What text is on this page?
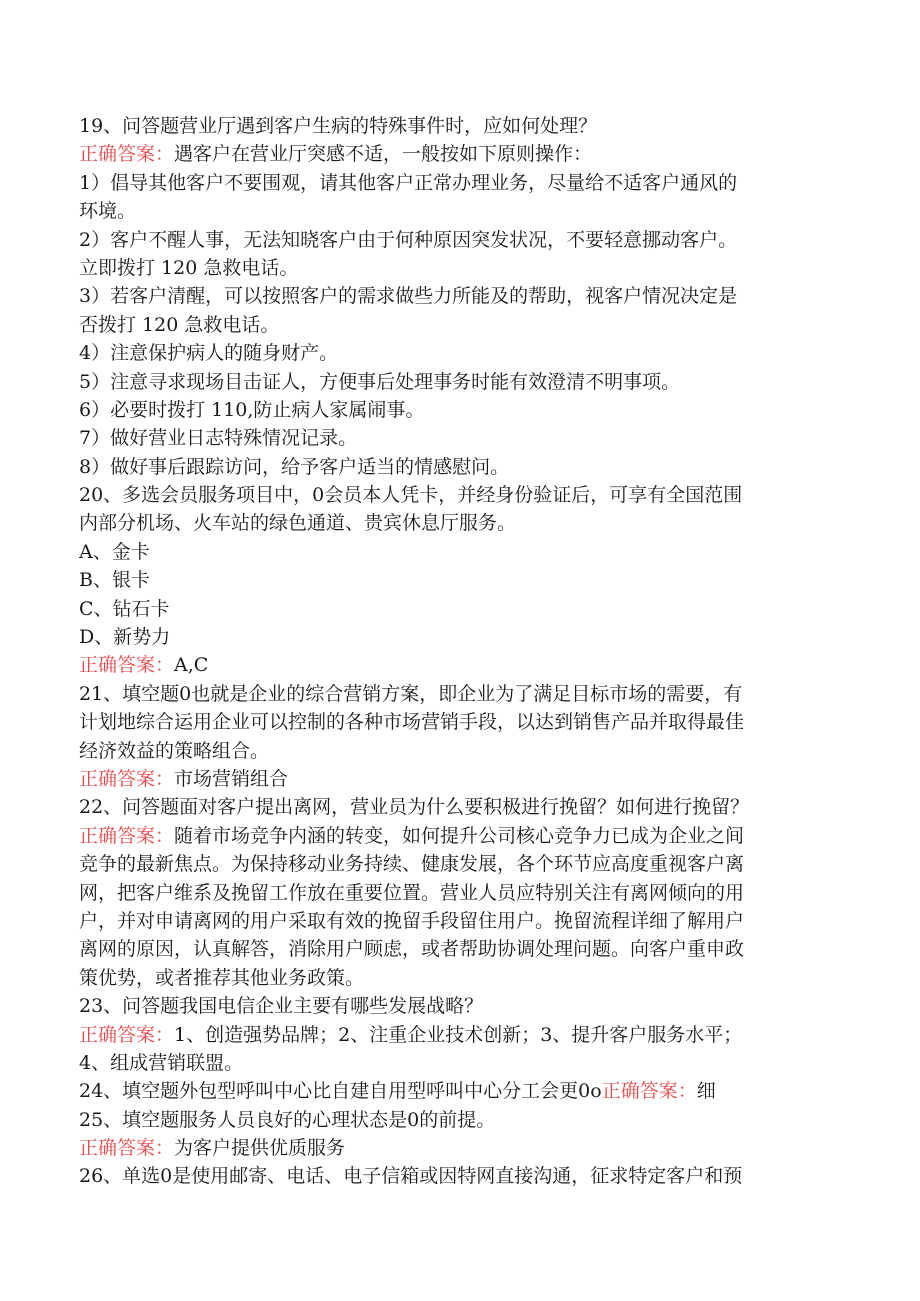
19、问答题营业厅遇到客户生病的特殊事件时，应如何处理？
正确答案：遇客户在营业厅突感不适，一般按如下原则操作：
1）倡导其他客户不要围观，请其他客户正常办理业务，尽量给不适客户通风的
环境。
2）客户不醒人事，无法知晓客户由于何种原因突发状况，不要轻意挪动客户。
立即拨打 120 急救电话。
3）若客户清醒，可以按照客户的需求做些力所能及的帮助，视客户情况决定是
否拨打 120 急救电话。
4）注意保护病人的随身财产。
5）注意寻求现场目击证人，方便事后处理事务时能有效澄清不明事项。
6）必要时拨打 110,防止病人家属闹事。
7）做好营业日志特殊情况记录。
8）做好事后跟踪访问，给予客户适当的情感慰问。
20、多选会员服务项目中，0会员本人凭卡，并经身份验证后，可享有全国范围
内部分机场、火车站的绿色通道、贵宾休息厅服务。
A、金卡
B、银卡
C、钻石卡
D、新势力
正确答案：A,C
21、填空题0也就是企业的综合营销方案，即企业为了满足目标市场的需要，有
计划地综合运用企业可以控制的各种市场营销手段，以达到销售产品并取得最佳
经济效益的策略组合。
正确答案：市场营销组合
22、问答题面对客户提出离网，营业员为什么要积极进行挽留？如何进行挽留？
正确答案：随着市场竞争内涵的转变，如何提升公司核心竞争力已成为企业之间
竞争的最新焦点。为保持移动业务持续、健康发展，各个环节应高度重视客户离
网，把客户维系及挽留工作放在重要位置。营业人员应特别关注有离网倾向的用
户，并对申请离网的用户采取有效的挽留手段留住用户。挽留流程详细了解用户
离网的原因，认真解答，消除用户顾虑，或者帮助协调处理问题。向客户重申政
策优势，或者推荐其他业务政策。
23、问答题我国电信企业主要有哪些发展战略？
正确答案：1、创造强势品牌；2、注重企业技术创新；3、提升客户服务水平；
4、组成营销联盟。
24、填空题外包型呼叫中心比自建自用型呼叫中心分工会更0o正确答案：细
25、填空题服务人员良好的心理状态是0的前提。
正确答案：为客户提供优质服务
26、单选0是使用邮寄、电话、电子信箱或因特网直接沟通，征求特定客户和预
